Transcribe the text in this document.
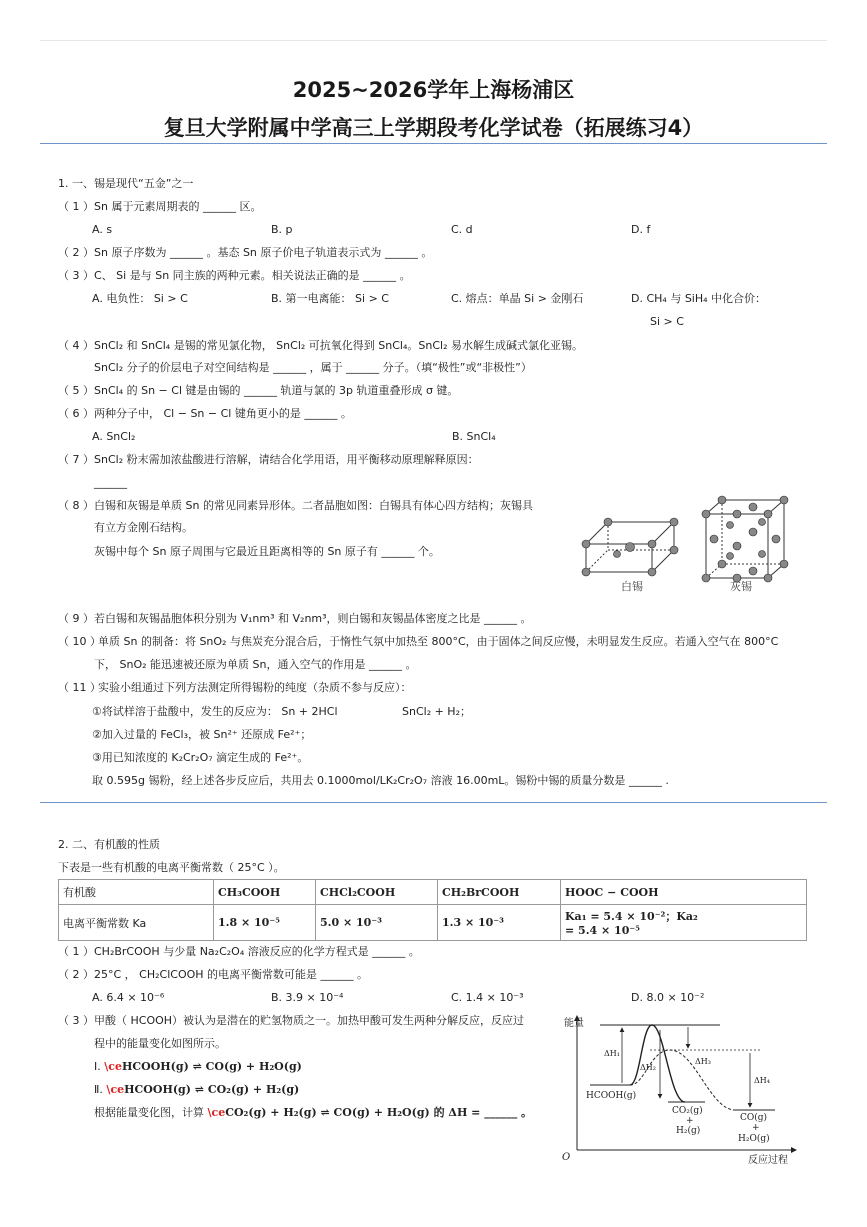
2025~2026学年上海杨浦区
复旦大学附属中学高三上学期段考化学试卷（拓展练习4）
1. 一、锡是现代“五金”之一
（ 1 ） Sn 属于元素周期表的 ______ 区。
A. s	B. p	C. d	D. f
（ 2 ） Sn 原子序数为 ______ 。基态 Sn 原子价电子轨道表示式为 ______ 。
（ 3 ） C、 Si 是与 Sn 同主族的两种元素。相关说法正确的是 ______ 。
A. 电负性： Si > C	B. 第一电离能： Si > C	C. 熔点：单晶 Si > 金刚石	D. CH₄ 与 SiH₄ 中化合价：
Si > C
（ 4 ） SnCl₂ 和 SnCl₄ 是锡的常见氯化物， SnCl₂ 可抗氧化得到 SnCl₄。SnCl₂ 易水解生成碱式氯化亚锡。
SnCl₂ 分子的价层电子对空间结构是 ______ ，属于 ______ 分子。（填“极性”或“非极性”）
（ 5 ） SnCl₄ 的 Sn − Cl 键是由锡的 ______ 轨道与氯的 3p 轨道重叠形成 σ 键。
（ 6 ） 两种分子中， Cl − Sn − Cl 键角更小的是 ______ 。
A. SnCl₂	B. SnCl₄
（ 7 ） SnCl₂ 粉末需加浓盐酸进行溶解，请结合化学用语，用平衡移动原理解释原因：
______
（ 8 ） 白锡和灰锡是单质 Sn 的常见同素异形体。二者晶胞如图：白锡具有体心四方结构；灰锡具
有立方金刚石结构。
灰锡中每个 Sn 原子周围与它最近且距离相等的 Sn 原子有 ______ 个。
白锡	灰锡
（ 9 ） 若白锡和灰锡晶胞体积分别为 V₁nm³ 和 V₂nm³，则白锡和灰锡晶体密度之比是 ______ 。
（ 10 ）
单质 Sn 的制备：将 SnO₂ 与焦炭充分混合后，于惰性气氛中加热至 800°C，由于固体之间反应慢，未明显发生反应。若通入空气在 800°C
下， SnO₂ 能迅速被还原为单质 Sn，通入空气的作用是 ______ 。
（ 11 ）
实验小组通过下列方法测定所得锡粉的纯度（杂质不参与反应）：
①将试样溶于盐酸中，发生的反应为： Sn + 2HCl	SnCl₂ + H₂；
②加入过量的 FeCl₃，被 Sn²⁺ 还原成 Fe²⁺；
③用已知浓度的 K₂Cr₂O₇ 滴定生成的 Fe²⁺。
取 0.595g 锡粉，经上述各步反应后，共用去 0.1000mol/LK₂Cr₂O₇ 溶液 16.00mL。锡粉中锡的质量分数是 ______ .
2. 二、有机酸的性质
下表是一些有机酸的电离平衡常数（ 25°C ）。
有机酸	CH₃COOH	CHCl₂COOH	CH₂BrCOOH	HOOC − COOH
电离平衡常数 Ka	1.8 × 10⁻⁵	5.0 × 10⁻³	1.3 × 10⁻³	Ka₁ = 5.4 × 10⁻²；Ka₂
= 5.4 × 10⁻⁵
（ 1 ） CH₂BrCOOH 与少量 Na₂C₂O₄ 溶液反应的化学方程式是 ______ 。
（ 2 ） 25°C ， CH₂ClCOOH 的电离平衡常数可能是 ______ 。
A. 6.4 × 10⁻⁶	B. 3.9 × 10⁻⁴	C. 1.4 × 10⁻³	D. 8.0 × 10⁻²
（ 3 ） 甲酸（ HCOOH）被认为是潜在的贮氢物质之一。加热甲酸可发生两种分解反应，反应过
程中的能量变化如图所示。
Ⅰ. \ceHCOOH(g) ⇌ CO(g) + H₂O(g)
Ⅱ. \ceHCOOH(g) ⇌ CO₂(g) + H₂(g)
根据能量变化图，计算 \ceCO₂(g) + H₂(g) ⇌ CO(g) + H₂O(g) 的 ΔH = ______ 。
能量
O	反应过程
ΔH₁
ΔH₂
ΔH₃
ΔH₄
HCOOH(g)
CO₂(g)
+
H₂(g)
CO(g)
+
H₂O(g)
